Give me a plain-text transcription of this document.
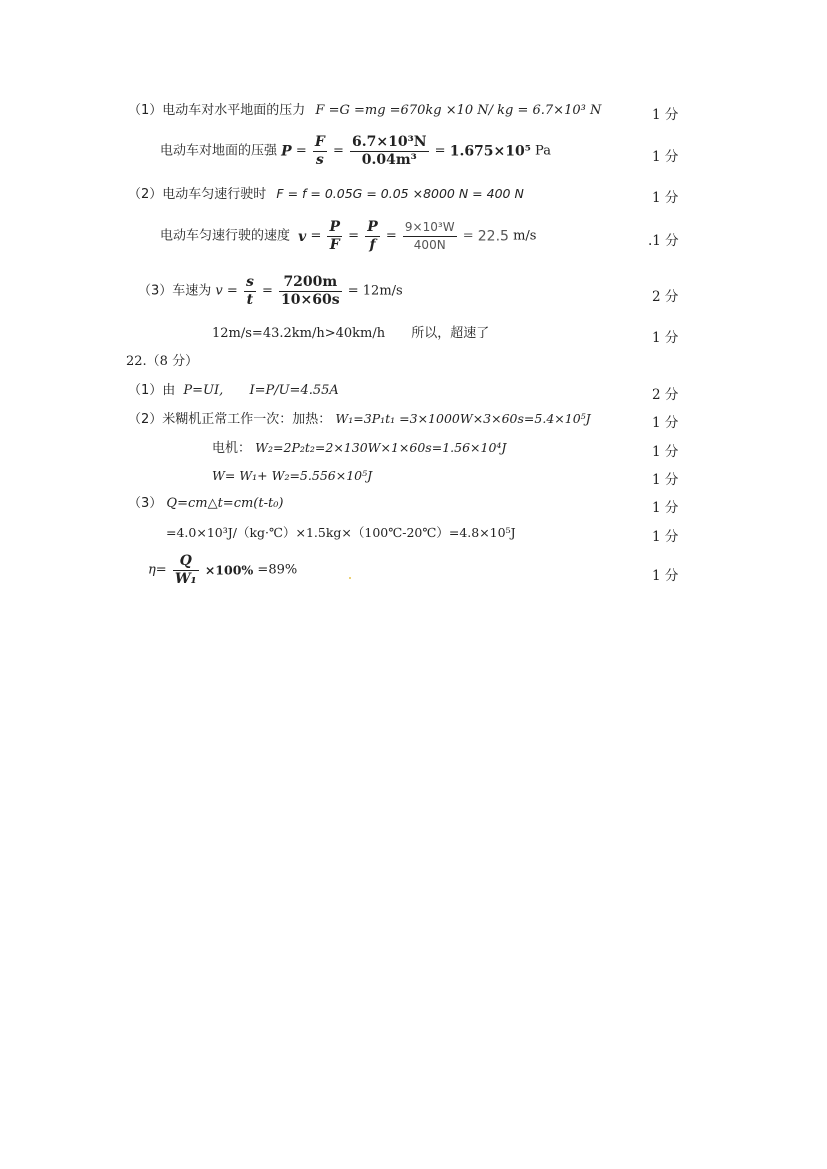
（1）电动车对水平地面的压力 F =G =mg =670kg ×10 N/ kg = 6.7×10³ N	1 分
电动车对地面的压强 $P = \frac{F}{s} = \frac{\text{6.7×10³N}}{\text{0.04m³}} = 1.675\times 10^5$ Pa	1 分
（2）电动车匀速行驶时 F = f = 0.05G = 0.05 ×8000 N = 400 N	1 分
电动车匀速行驶的速度 $v = \frac{P}{F} = \frac{P}{f} = \frac{\text{9×10³W}}{400N} = 22.5$ m/s	.1 分
（3）车速为 $v = \frac{s}{t} = \frac{7200m}{10\times 60s} = 12m/s$	2 分
12m/s=43.2km/h>40km/h 所以，超速了	1 分
22.（8 分）
（1）由 P=UI, I=P/U=4.55A	2 分
（2）米糊机正常工作一次：加热： W₁=3P₁t₁ =3×1000W×3×60s=5.4×10⁵J	1 分
电机： W₂=2P₂t₂=2×130W×1×60s=1.56×10⁴J	1 分
W= W₁+ W₂=5.556×10⁵J	1 分
（3） Q=cm△t=cm(t-t₀)	1 分
=4.0×10³J/（kg·℃）×1.5kg×（100℃-20℃）=4.8×10⁵J	1 分
$\eta= \frac{Q}{\text{W₁}} \times 100\% =89\%$	1 分
